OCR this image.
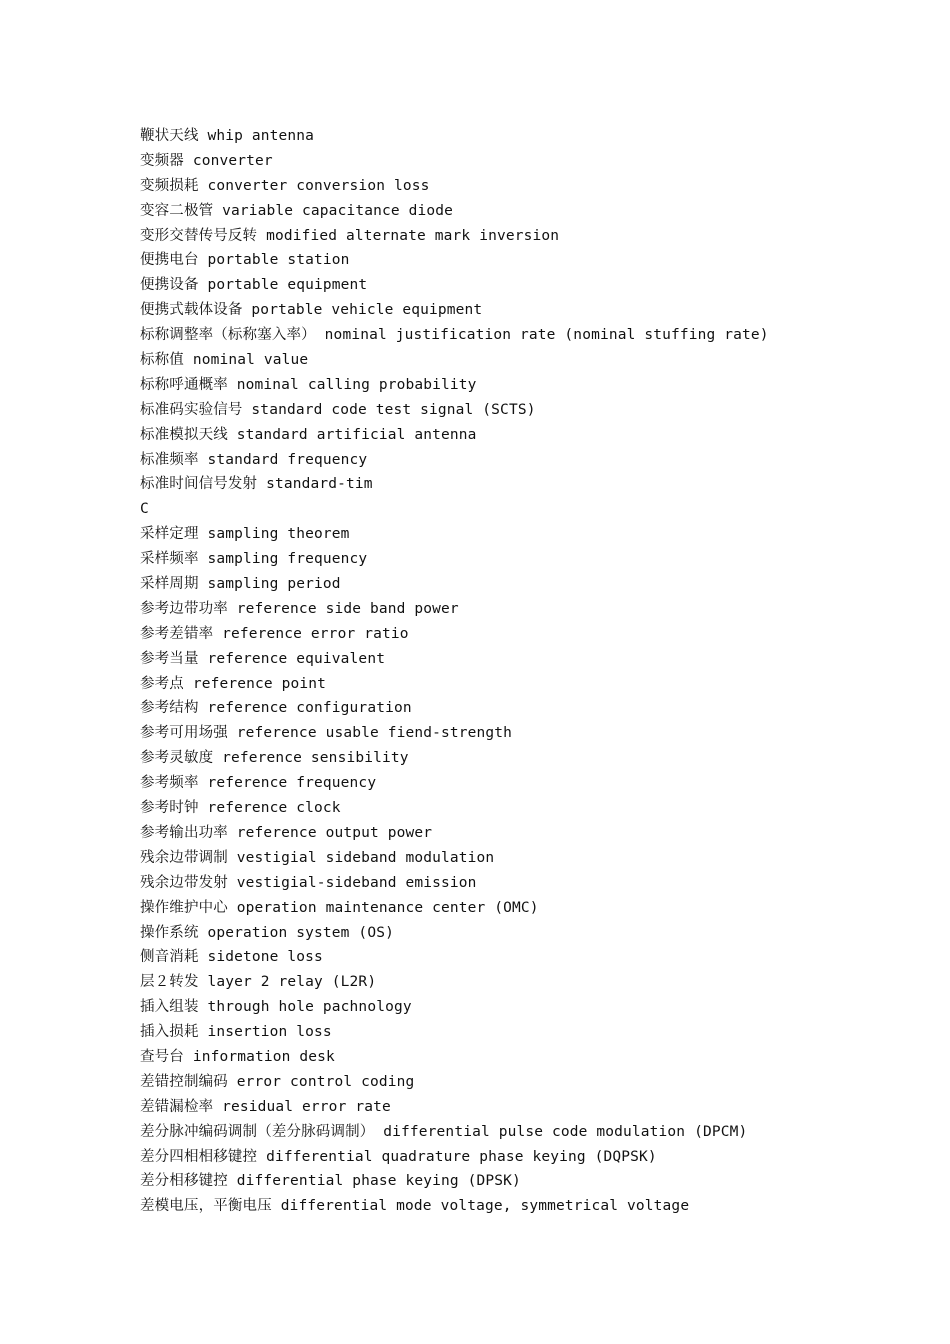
鞭状天线 whip antenna
变频器 converter
变频损耗 converter conversion loss
变容二极管 variable capacitance diode
变形交替传号反转 modified alternate mark inversion
便携电台 portable station
便携设备 portable equipment
便携式载体设备 portable vehicle equipment
标称调整率（标称塞入率） nominal justification rate (nominal stuffing rate)
标称值 nominal value
标称呼通概率 nominal calling probability
标准码实验信号 standard code test signal (SCTS)
标准模拟天线 standard artificial antenna
标准频率 standard frequency
标准时间信号发射 standard-tim
C
采样定理 sampling theorem
采样频率 sampling frequency
采样周期 sampling period
参考边带功率 reference side band power
参考差错率 reference error ratio
参考当量 reference equivalent
参考点 reference point
参考结构 reference configuration
参考可用场强 reference usable fiend-strength
参考灵敏度 reference sensibility
参考频率 reference frequency
参考时钟 reference clock
参考输出功率 reference output power
残余边带调制 vestigial sideband modulation
残余边带发射 vestigial-sideband emission
操作维护中心 operation maintenance center (OMC)
操作系统 operation system (OS)
侧音消耗 sidetone loss
层２转发 layer 2 relay (L2R)
插入组装 through hole pachnology
插入损耗 insertion loss
查号台 information desk
差错控制编码 error control coding
差错漏检率 residual error rate
差分脉冲编码调制（差分脉码调制） differential pulse code modulation (DPCM)
差分四相相移键控 differential quadrature phase keying (DQPSK)
差分相移键控 differential phase keying (DPSK)
差模电压，平衡电压 differential mode voltage, symmetrical voltage
